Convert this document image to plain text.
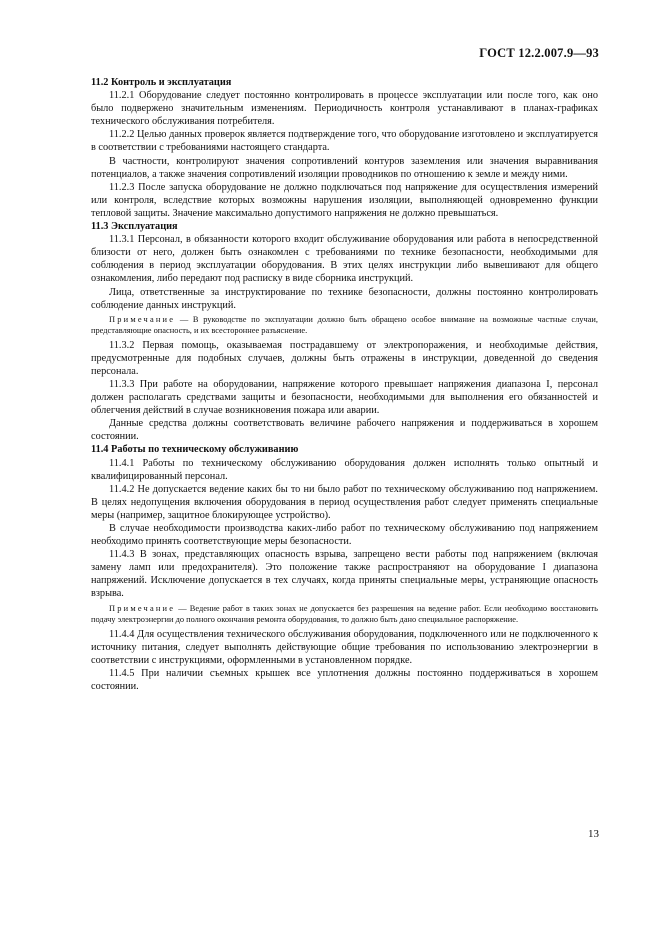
ГОСТ 12.2.007.9—93

11.2 Контроль и эксплуатация

11.2.1 Оборудование следует постоянно контролировать в процессе эксплуатации или после того, как оно было подвержено значительным изменениям. Периодичность контроля устанавливают в планах-графиках технического обслуживания потребителя.

11.2.2 Целью данных проверок является подтверждение того, что оборудование изготовлено и эксплуатируется в соответствии с требованиями настоящего стандарта.

В частности, контролируют значения сопротивлений контуров заземления или значения выравнивания потенциалов, а также значения сопротивлений изоляции проводников по отношению к земле и между ними.

11.2.3 После запуска оборудование не должно подключаться под напряжение для осуществления измерений или контроля, вследствие которых возможны нарушения изоляции, выполняющей одновременно функции тепловой защиты. Значение максимально допустимого напряжения не должно превышаться.

11.3 Эксплуатация

11.3.1 Персонал, в обязанности которого входит обслуживание оборудования или работа в непосредственной близости от него, должен быть ознакомлен с требованиями по технике безопасности, необходимыми для соблюдения в период эксплуатации оборудования. В этих целях инструкции либо вывешивают для общего ознакомления, либо передают под расписку в виде сборника инструкций.

Лица, ответственные за инструктирование по технике безопасности, должны постоянно контролировать соблюдение данных инструкций.

Примечание — В руководстве по эксплуатации должно быть обращено особое внимание на возможные частные случаи, представляющие опасность, и их всестороннее разъяснение.

11.3.2 Первая помощь, оказываемая пострадавшему от электропоражения, и необходимые действия, предусмотренные для подобных случаев, должны быть отражены в инструкции, доведенной до сведения персонала.

11.3.3 При работе на оборудовании, напряжение которого превышает напряжения диапазона I, персонал должен располагать средствами защиты и безопасности, необходимыми для выполнения его обязанностей и облегчения действий в случае возникновения пожара или аварии.

Данные средства должны соответствовать величине рабочего напряжения и поддерживаться в хорошем состоянии.

11.4 Работы по техническому обслуживанию

11.4.1 Работы по техническому обслуживанию оборудования должен исполнять только опытный и квалифицированный персонал.

11.4.2 Не допускается ведение каких бы то ни было работ по техническому обслуживанию под напряжением. В целях недопущения включения оборудования в период осуществления работ следует применять специальные меры (например, защитное блокирующее устройство).

В случае необходимости производства каких-либо работ по техническому обслуживанию под напряжением необходимо принять соответствующие меры безопасности.

11.4.3 В зонах, представляющих опасность взрыва, запрещено вести работы под напряжением (включая замену ламп или предохранителя). Это положение также распространяют на оборудование I диапазона напряжений. Исключение допускается в тех случаях, когда приняты специальные меры, устраняющие опасность взрыва.

Примечание — Ведение работ в таких зонах не допускается без разрешения на ведение работ. Если необходимо восстановить подачу электроэнергии до полного окончания ремонта оборудования, то должно быть дано специальное распоряжение.

11.4.4 Для осуществления технического обслуживания оборудования, подключенного или не подключенного к источнику питания, следует выполнять действующие общие требования по использованию электроэнергии в соответствии с инструкциями, оформленными в установленном порядке.

11.4.5 При наличии съемных крышек все уплотнения должны постоянно поддерживаться в хорошем состоянии.

13
